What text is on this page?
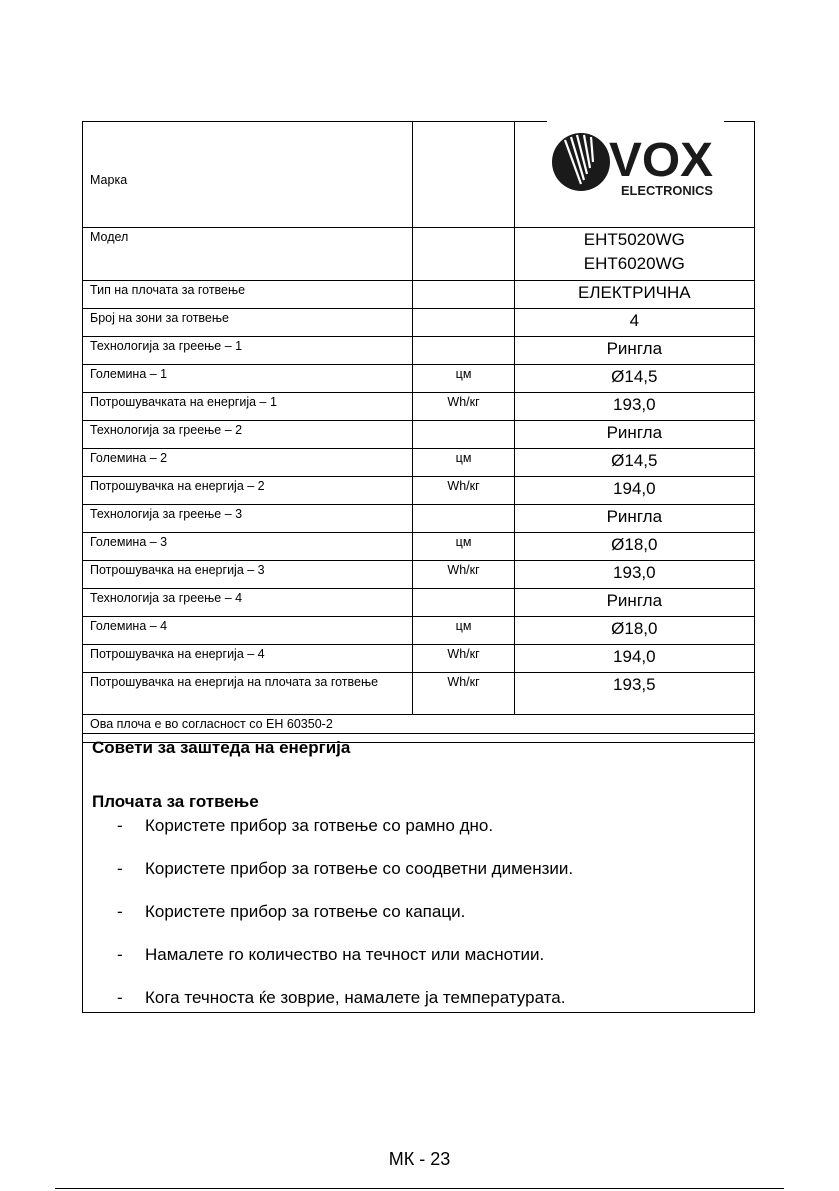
Марка		VOX
ELECTRONICS

Модел		EHT5020WG
EHT6020WG

Тип на плочата за готвење		ЕЛЕКТРИЧНА
Број на зони за готвење		4
Технологија за греење – 1		Рингла
Големина – 1	цм	Ø14,5
Потрошувачката на енергија – 1	Wh/кг	193,0
Технологија за греење – 2		Рингла
Големина – 2	цм	Ø14,5
Потрошувачка на енергија – 2	Wh/кг	194,0
Технологија за греење – 3		Рингла
Големина – 3	цм	Ø18,0
Потрошувачка на енергија – 3	Wh/кг	193,0
Технологија за греење – 4		Рингла
Големина – 4	цм	Ø18,0
Потрошувачка на енергија – 4	Wh/кг	194,0
Потрошувачка на енергија на плочата за готвење	Wh/кг	193,5
Ова плоча е во согласност со ЕН 60350-2		
Совети за заштеда на енергија
Плочата за готвење
- Користете прибор за готвење со рамно дно.
- Користете прибор за готвење со соодветни димензии.
- Користете прибор за готвење со капаци.
- Намалете го количество на течност или маснотии.
- Кога течноста ќе зоврие, намалете ја температурата.
МК - 23
